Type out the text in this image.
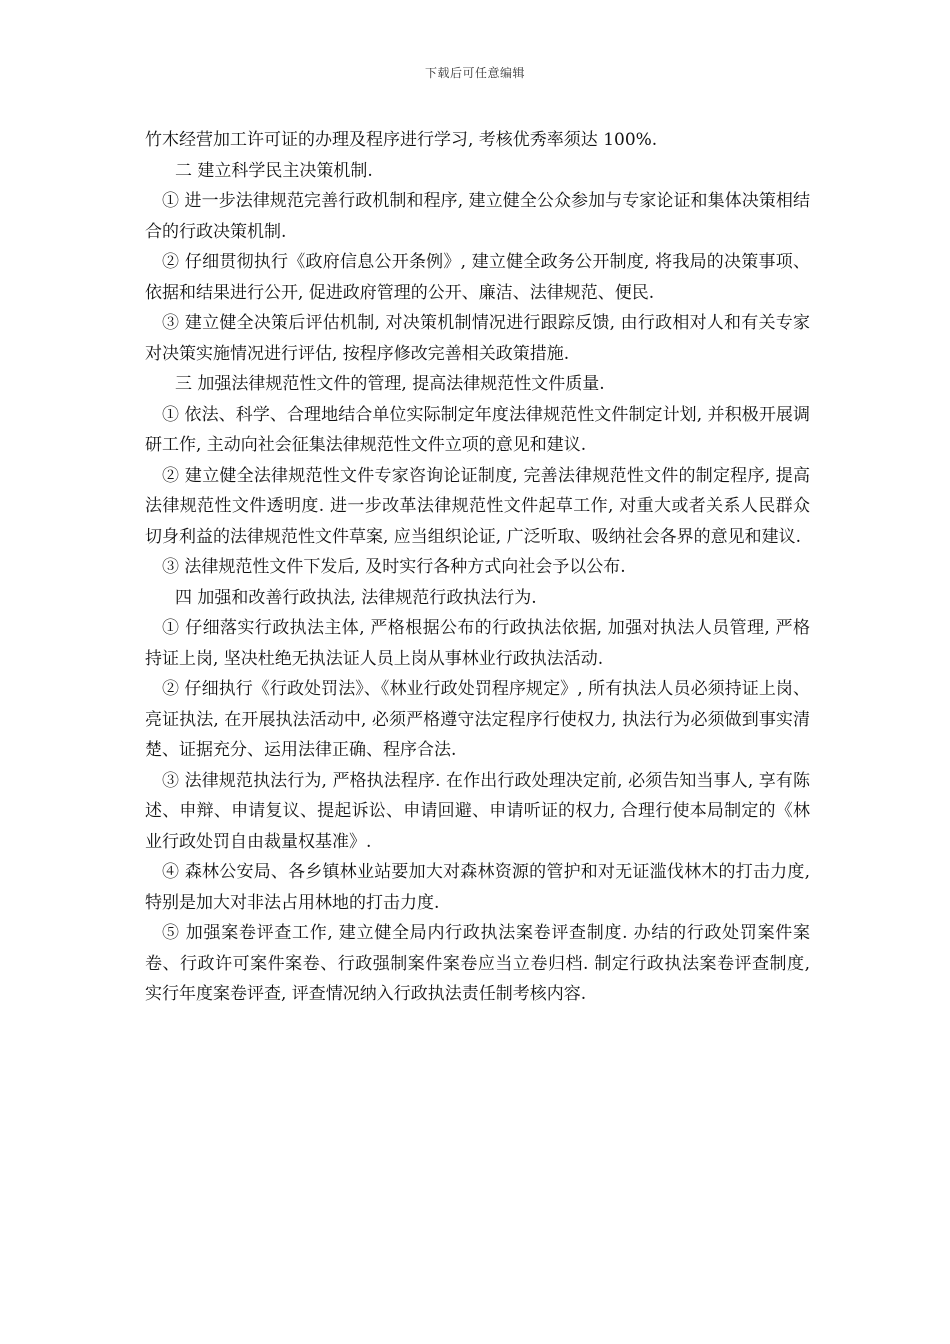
下载后可任意编辑

竹木经营加工许可证的办理及程序进行学习, 考核优秀率须达 100%.

二 建立科学民主决策机制.

① 进一步法律规范完善行政机制和程序, 建立健全公众参加与专家论证和集体决策相结合的行政决策机制.

② 仔细贯彻执行《政府信息公开条例》, 建立健全政务公开制度, 将我局的决策事项、依据和结果进行公开, 促进政府管理的公开、廉洁、法律规范、便民.

③ 建立健全决策后评估机制, 对决策机制情况进行跟踪反馈, 由行政相对人和有关专家对决策实施情况进行评估, 按程序修改完善相关政策措施.

三 加强法律规范性文件的管理, 提高法律规范性文件质量.

① 依法、科学、合理地结合单位实际制定年度法律规范性文件制定计划, 并积极开展调研工作, 主动向社会征集法律规范性文件立项的意见和建议.

② 建立健全法律规范性文件专家咨询论证制度, 完善法律规范性文件的制定程序, 提高法律规范性文件透明度. 进一步改革法律规范性文件起草工作, 对重大或者关系人民群众切身利益的法律规范性文件草案, 应当组织论证, 广泛听取、吸纳社会各界的意见和建议.

③ 法律规范性文件下发后, 及时实行各种方式向社会予以公布.

四 加强和改善行政执法, 法律规范行政执法行为.

① 仔细落实行政执法主体, 严格根据公布的行政执法依据, 加强对执法人员管理, 严格持证上岗, 坚决杜绝无执法证人员上岗从事林业行政执法活动.

② 仔细执行《行政处罚法》、《林业行政处罚程序规定》, 所有执法人员必须持证上岗、亮证执法, 在开展执法活动中, 必须严格遵守法定程序行使权力, 执法行为必须做到事实清楚、证据充分、运用法律正确、程序合法.

③ 法律规范执法行为, 严格执法程序. 在作出行政处理决定前, 必须告知当事人, 享有陈述、申辩、申请复议、提起诉讼、申请回避、申请听证的权力, 合理行使本局制定的《林业行政处罚自由裁量权基准》.

④ 森林公安局、各乡镇林业站要加大对森林资源的管护和对无证滥伐林木的打击力度, 特别是加大对非法占用林地的打击力度.

⑤ 加强案卷评查工作, 建立健全局内行政执法案卷评查制度. 办结的行政处罚案件案卷、行政许可案件案卷、行政强制案件案卷应当立卷归档. 制定行政执法案卷评查制度, 实行年度案卷评查, 评查情况纳入行政执法责任制考核内容.
